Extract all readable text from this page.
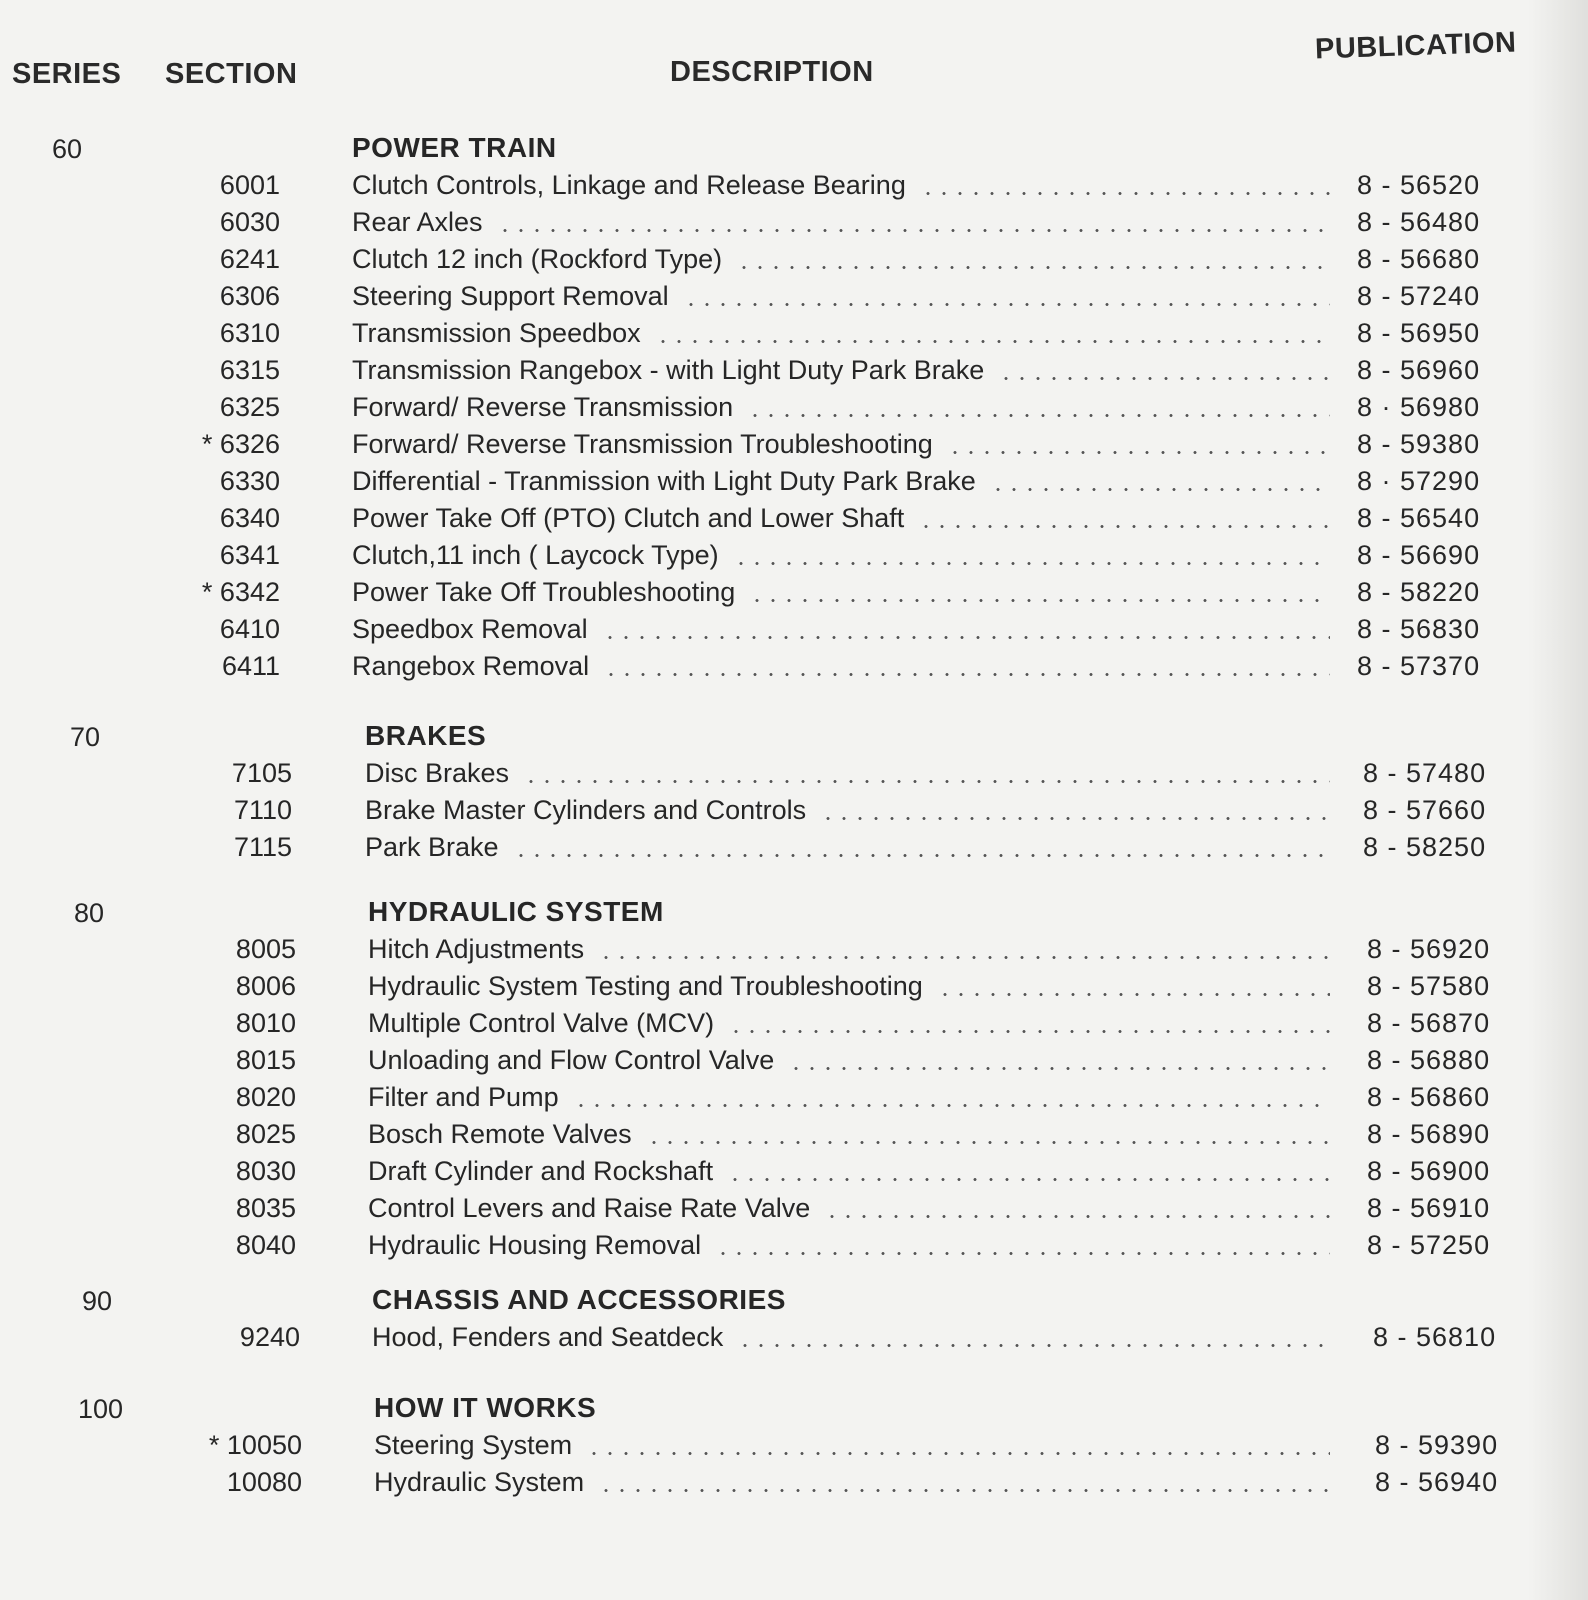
SERIES SECTION	DESCRIPTION
PUBLICATION
60	POWER TRAIN
6001	Clutch Controls, Linkage and Release Bearing	8 - 56520
6030	Rear Axles	8 - 56480
6241	Clutch 12 inch (Rockford Type)	8 - 56680
6306	Steering Support Removal	8 - 57240
6310	Transmission Speedbox	8 - 56950
6315	Transmission Rangebox - with Light Duty Park Brake	8 - 56960
6325	Forward/ Reverse Transmission	8 · 56980
* 6326	Forward/ Reverse Transmission Troubleshooting	8 - 59380
6330	Differential - Tranmission with Light Duty Park Brake	8 · 57290
6340	Power Take Off (PTO) Clutch and Lower Shaft	8 - 56540
6341	Clutch,11 inch ( Laycock Type)	8 - 56690
* 6342	Power Take Off Troubleshooting	8 - 58220
6410	Speedbox Removal	8 - 56830
6411	Rangebox Removal	8 - 57370
70	BRAKES
7105	Disc Brakes	8 - 57480
7110	Brake Master Cylinders and Controls	8 - 57660
7115	Park Brake	8 - 58250
80	HYDRAULIC SYSTEM
8005	Hitch Adjustments	8 - 56920
8006	Hydraulic System Testing and Troubleshooting	8 - 57580
8010	Multiple Control Valve (MCV)	8 - 56870
8015	Unloading and Flow Control Valve	8 - 56880
8020	Filter and Pump	8 - 56860
8025	Bosch Remote Valves	8 - 56890
8030	Draft Cylinder and Rockshaft	8 - 56900
8035	Control Levers and Raise Rate Valve	8 - 56910
8040	Hydraulic Housing Removal	8 - 57250
90	CHASSIS AND ACCESSORIES
9240	Hood, Fenders and Seatdeck	8 - 56810
100	HOW IT WORKS
* 10050	Steering System	8 - 59390
10080	Hydraulic System	8 - 56940
